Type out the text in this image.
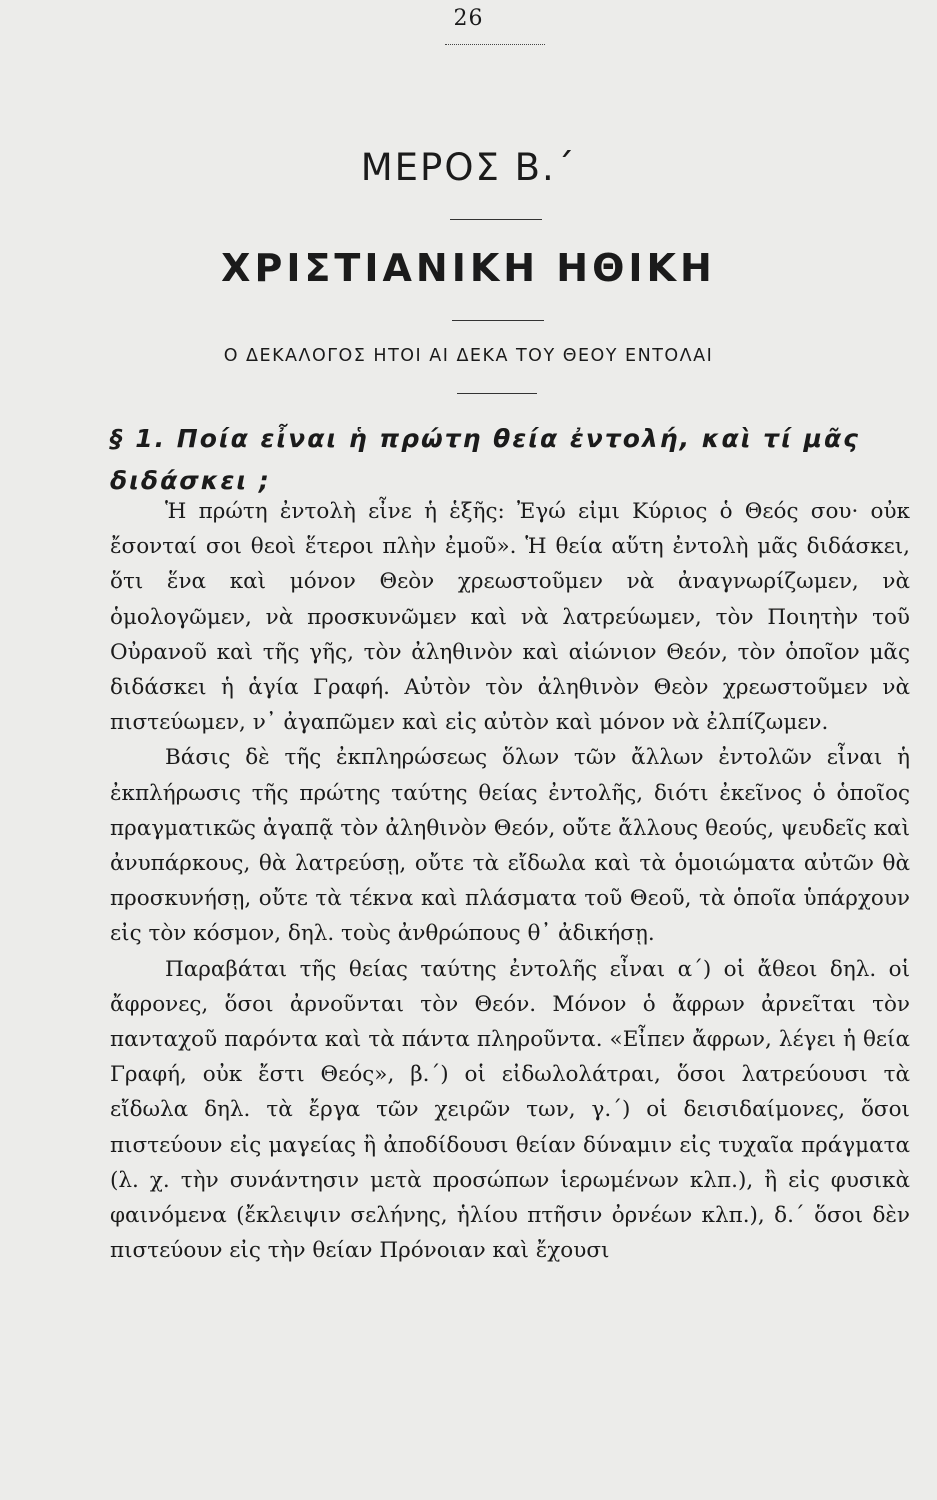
26
ΜΕΡΟΣ Β.΄
ΧΡΙΣΤΙΑΝΙΚΗ ΗΘΙΚΗ
Ο ΔΕΚΑΛΟΓΟΣ ΗΤΟΙ ΑΙ ΔΕΚΑ ΤΟΥ ΘΕΟΥ ΕΝΤΟΛΑΙ
§ 1. Ποία εἶναι ἡ πρώτη θεία ἐντολή, καὶ τί μᾶς διδάσκει ;

Ἡ πρώτη ἐντολὴ εἶνε ἡ ἑξῆς: Ἐγώ εἰμι Κύριος ὁ Θεός σου· οὐκ ἔσονταί σοι θεοὶ ἕτεροι πλὴν ἐμοῦ». Ἡ θεία αὕτη ἐντολὴ μᾶς διδάσκει, ὅτι ἕνα καὶ μόνον Θεὸν χρεωστοῦμεν νὰ ἀναγνωρίζωμεν, νὰ ὁμολογῶμεν, νὰ προσκυνῶμεν καὶ νὰ λατρεύωμεν, τὸν Ποιητὴν τοῦ Οὐρανοῦ καὶ τῆς γῆς, τὸν ἀληθινὸν καὶ αἰώνιον Θεόν, τὸν ὁποῖον μᾶς διδάσκει ἡ ἁγία Γραφή. Αὐτὸν τὸν ἀληθινὸν Θεὸν χρεωστοῦμεν νὰ πιστεύωμεν, ν᾽ ἀγαπῶμεν καὶ εἰς αὐτὸν καὶ μόνον νὰ ἐλπίζωμεν.

Βάσις δὲ τῆς ἐκπληρώσεως ὅλων τῶν ἄλλων ἐντολῶν εἶναι ἡ ἐκπλήρωσις τῆς πρώτης ταύτης θείας ἐντολῆς, διότι ἐκεῖνος ὁ ὁποῖος πραγματικῶς ἀγαπᾷ τὸν ἀληθινὸν Θεόν, οὔτε ἄλλους θεούς, ψευδεῖς καὶ ἀνυπάρκους, θὰ λατρεύσῃ, οὔτε τὰ εἴδωλα καὶ τὰ ὁμοιώματα αὐτῶν θὰ προσκυνήσῃ, οὔτε τὰ τέκνα καὶ πλάσματα τοῦ Θεοῦ, τὰ ὁποῖα ὑπάρχουν εἰς τὸν κόσμον, δηλ. τοὺς ἀνθρώπους θ᾽ ἀδικήσῃ.

Παραβάται τῆς θείας ταύτης ἐντολῆς εἶναι α΄) οἱ ἄθεοι δηλ. οἱ ἄφρονες, ὅσοι ἀρνοῦνται τὸν Θεόν. Μόνον ὁ ἄφρων ἀρνεῖται τὸν πανταχοῦ παρόντα καὶ τὰ πάντα πληροῦντα. «Εἶπεν ἄφρων, λέγει ἡ θεία Γραφή, οὐκ ἔστι Θεός», β.΄) οἱ εἰδωλολάτραι, ὅσοι λατρεύουσι τὰ εἴδωλα δηλ. τὰ ἔργα τῶν χειρῶν των, γ.΄) οἱ δεισιδαίμονες, ὅσοι πιστεύουν εἰς μαγείας ἢ ἀποδίδουσι θείαν δύναμιν εἰς τυχαῖα πράγματα (λ. χ. τὴν συνάντησιν μετὰ προσώπων ἱερωμένων κλπ.), ἢ εἰς φυσικὰ φαινόμενα (ἔκλειψιν σελήνης, ἡλίου πτῆσιν ὀρνέων κλπ.), δ.΄ ὅσοι δὲν πιστεύουν εἰς τὴν θείαν Πρόνοιαν καὶ ἔχουσι
